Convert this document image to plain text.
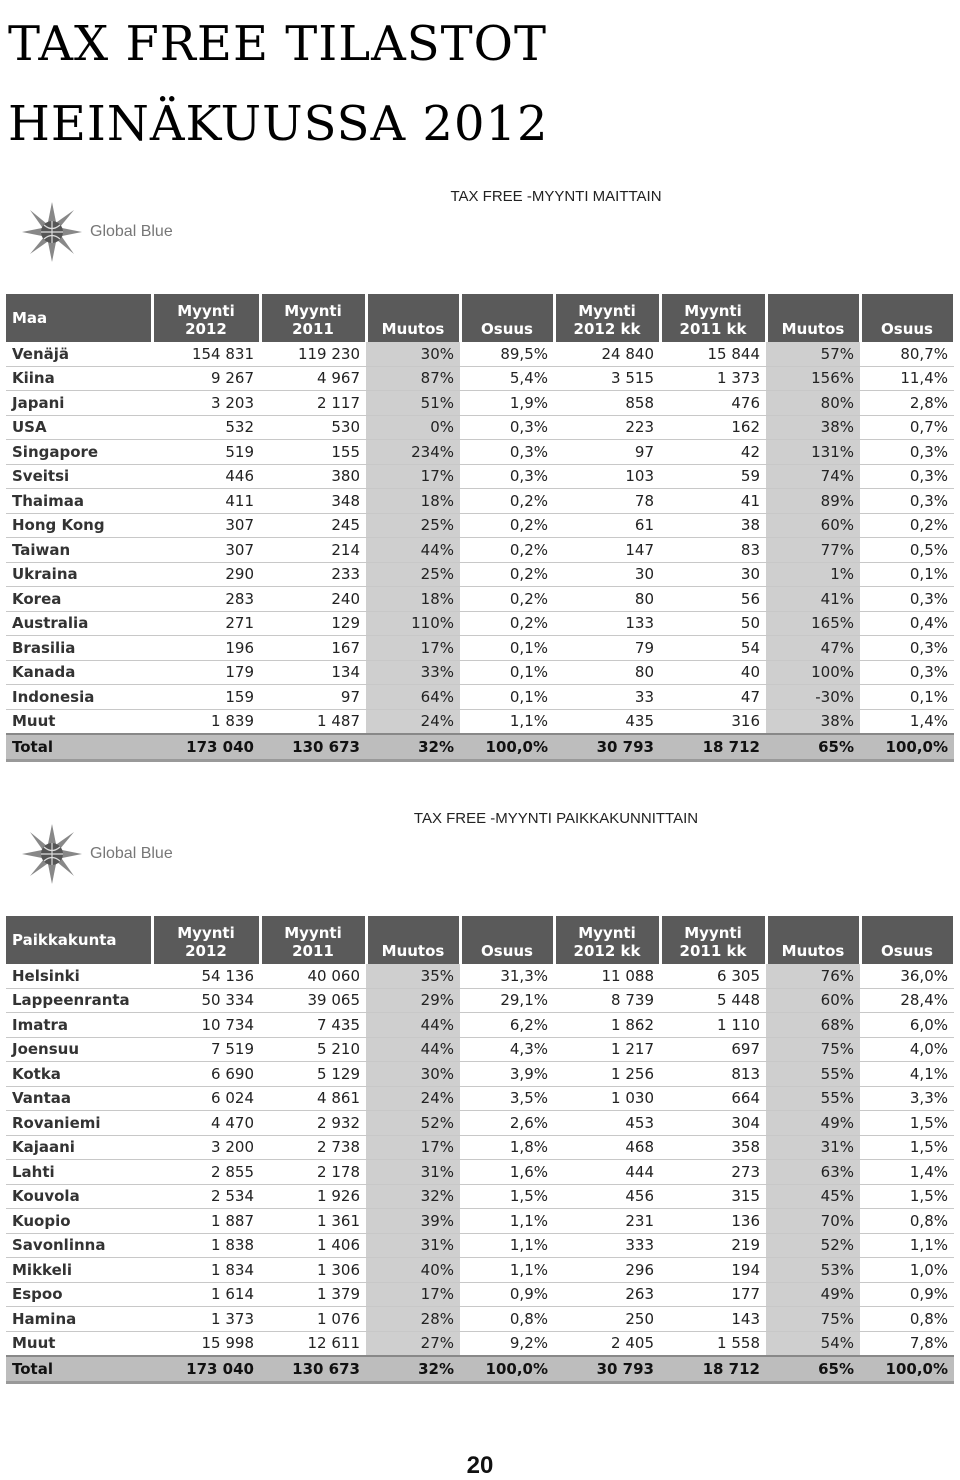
TAX FREE TILASTOT HEINÄKUUSSA 2012
Global Blue
TAX FREE -MYYNTI MAITTAIN
Maa	Myynti 2012	Myynti 2011	Muutos	Osuus	Myynti 2012 kk	Myynti 2011 kk	Muutos	Osuus
Venäjä	154 831	119 230	30%	89,5%	24 840	15 844	57%	80,7%
Kiina	9 267	4 967	87%	5,4%	3 515	1 373	156%	11,4%
Japani	3 203	2 117	51%	1,9%	858	476	80%	2,8%
USA	532	530	0%	0,3%	223	162	38%	0,7%
Singapore	519	155	234%	0,3%	97	42	131%	0,3%
Sveitsi	446	380	17%	0,3%	103	59	74%	0,3%
Thaimaa	411	348	18%	0,2%	78	41	89%	0,3%
Hong Kong	307	245	25%	0,2%	61	38	60%	0,2%
Taiwan	307	214	44%	0,2%	147	83	77%	0,5%
Ukraina	290	233	25%	0,2%	30	30	1%	0,1%
Korea	283	240	18%	0,2%	80	56	41%	0,3%
Australia	271	129	110%	0,2%	133	50	165%	0,4%
Brasilia	196	167	17%	0,1%	79	54	47%	0,3%
Kanada	179	134	33%	0,1%	80	40	100%	0,3%
Indonesia	159	97	64%	0,1%	33	47	-30%	0,1%
Muut	1 839	1 487	24%	1,1%	435	316	38%	1,4%
Total	173 040	130 673	32%	100,0%	30 793	18 712	65%	100,0%
Global Blue
TAX FREE -MYYNTI PAIKKAKUNNITTAIN
Paikkakunta	Myynti 2012	Myynti 2011	Muutos	Osuus	Myynti 2012 kk	Myynti 2011 kk	Muutos	Osuus
Helsinki	54 136	40 060	35%	31,3%	11 088	6 305	76%	36,0%
Lappeenranta	50 334	39 065	29%	29,1%	8 739	5 448	60%	28,4%
Imatra	10 734	7 435	44%	6,2%	1 862	1 110	68%	6,0%
Joensuu	7 519	5 210	44%	4,3%	1 217	697	75%	4,0%
Kotka	6 690	5 129	30%	3,9%	1 256	813	55%	4,1%
Vantaa	6 024	4 861	24%	3,5%	1 030	664	55%	3,3%
Rovaniemi	4 470	2 932	52%	2,6%	453	304	49%	1,5%
Kajaani	3 200	2 738	17%	1,8%	468	358	31%	1,5%
Lahti	2 855	2 178	31%	1,6%	444	273	63%	1,4%
Kouvola	2 534	1 926	32%	1,5%	456	315	45%	1,5%
Kuopio	1 887	1 361	39%	1,1%	231	136	70%	0,8%
Savonlinna	1 838	1 406	31%	1,1%	333	219	52%	1,1%
Mikkeli	1 834	1 306	40%	1,1%	296	194	53%	1,0%
Espoo	1 614	1 379	17%	0,9%	263	177	49%	0,9%
Hamina	1 373	1 076	28%	0,8%	250	143	75%	0,8%
Muut	15 998	12 611	27%	9,2%	2 405	1 558	54%	7,8%
Total	173 040	130 673	32%	100,0%	30 793	18 712	65%	100,0%
20
